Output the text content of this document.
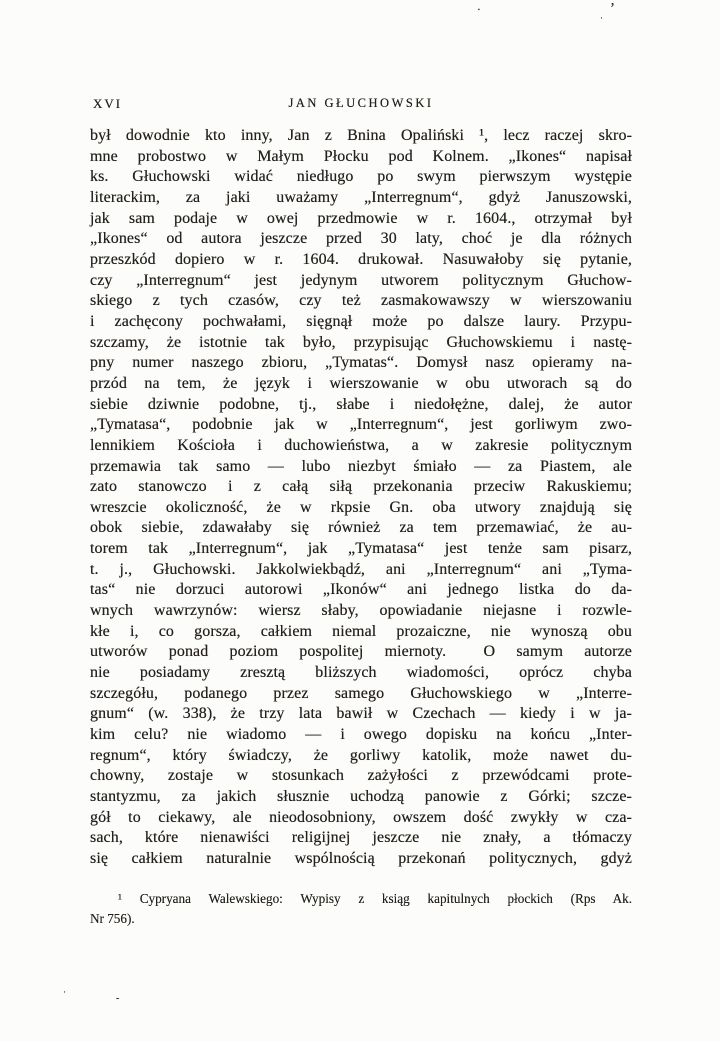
XVI	JAN GŁUCHOWSKI
był dowodnie kto inny, Jan z Bnina Opaliński ¹, lecz raczej skro-
mne probostwo w Małym Płocku pod Kolnem. „Ikones“ napisał
ks. Głuchowski widać niedługo po swym pierwszym występie
literackim, za jaki uważamy „Interregnum“, gdyż Januszowski,
jak sam podaje w owej przedmowie w r. 1604., otrzymał był
„Ikones“ od autora jeszcze przed 30 laty, choć je dla różnych
przeszkód dopiero w r. 1604. drukował. Nasuwałoby się pytanie,
czy „Interregnum“ jest jedynym utworem politycznym Głuchow-
skiego z tych czasów, czy też zasmakowawszy w wierszowaniu
i zachęcony pochwałami, sięgnął może po dalsze laury. Przypu-
szczamy, że istotnie tak było, przypisując Głuchowskiemu i nastę-
pny numer naszego zbioru, „Tymatas“. Domysł nasz opieramy na-
przód na tem, że język i wierszowanie w obu utworach są do
siebie dziwnie podobne, tj., słabe i niedołężne, dalej, że autor
„Tymatasa“, podobnie jak w „Interregnum“, jest gorliwym zwo-
lennikiem Kościoła i duchowieństwa, a w zakresie politycznym
przemawia tak samo — lubo niezbyt śmiało — za Piastem, ale
zato stanowczo i z całą siłą przekonania przeciw Rakuskiemu;
wreszcie okoliczność, że w rkpsie Gn. oba utwory znajdują się
obok siebie, zdawałaby się również za tem przemawiać, że au-
torem tak „Interregnum“, jak „Tymatasa“ jest tenże sam pisarz,
t. j., Głuchowski. Jakkolwiekbądź, ani „Interregnum“ ani „Tyma-
tas“ nie dorzuci autorowi „Ikonów“ ani jednego listka do da-
wnych wawrzynów: wiersz słaby, opowiadanie niejasne i rozwle-
kłe i, co gorsza, całkiem niemal prozaiczne, nie wynoszą obu
utworów ponad poziom pospolitej miernoty.  O samym autorze
nie posiadamy zresztą bliższych wiadomości, oprócz chyba
szczegółu, podanego przez samego Głuchowskiego w „Interre-
gnum“ (w. 338), że trzy lata bawił w Czechach — kiedy i w ja-
kim celu? nie wiadomo — i owego dopisku na końcu „Inter-
regnum“, który świadczy, że gorliwy katolik, może nawet du-
chowny, zostaje w stosunkach zażyłości z przewódcami prote-
stantyzmu, za jakich słusznie uchodzą panowie z Górki; szcze-
gół to ciekawy, ale nieodosobniony, owszem dość zwykły w cza-
sach, które nienawiści religijnej jeszcze nie znały, a tłómaczy
się całkiem naturalnie wspólnością przekonań politycznych, gdyż
¹ Cypryana Walewskiego: Wypisy z ksiąg kapitulnych płockich (Rps Ak.
Nr 756).
▪	ʼ
·
·
‐
